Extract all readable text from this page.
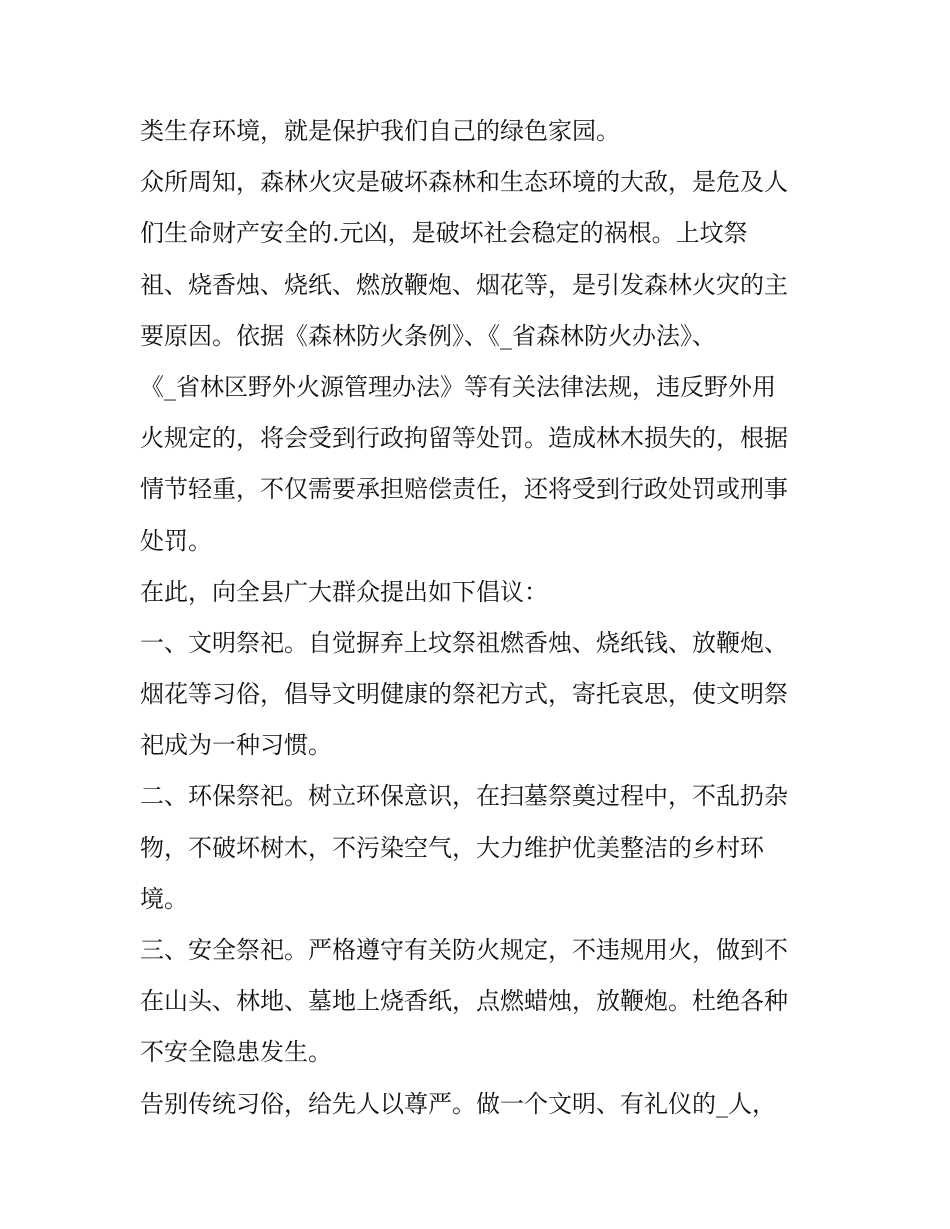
类生存环境，就是保护我们自己的绿色家园。
众所周知，森林火灾是破坏森林和生态环境的大敌，是危及人
们生命财产安全的.元凶，是破坏社会稳定的祸根。上坟祭
祖、烧香烛、烧纸、燃放鞭炮、烟花等，是引发森林火灾的主
要原因。依据《森林防火条例》、《_省森林防火办法》、
《_省林区野外火源管理办法》等有关法律法规，违反野外用
火规定的，将会受到行政拘留等处罚。造成林木损失的，根据
情节轻重，不仅需要承担赔偿责任，还将受到行政处罚或刑事
处罚。
在此，向全县广大群众提出如下倡议：
一、文明祭祀。自觉摒弃上坟祭祖燃香烛、烧纸钱、放鞭炮、
烟花等习俗，倡导文明健康的祭祀方式，寄托哀思，使文明祭
祀成为一种习惯。
二、环保祭祀。树立环保意识，在扫墓祭奠过程中，不乱扔杂
物，不破坏树木，不污染空气，大力维护优美整洁的乡村环
境。
三、安全祭祀。严格遵守有关防火规定，不违规用火，做到不
在山头、林地、墓地上烧香纸，点燃蜡烛，放鞭炮。杜绝各种
不安全隐患发生。
告别传统习俗，给先人以尊严。做一个文明、有礼仪的_人，
